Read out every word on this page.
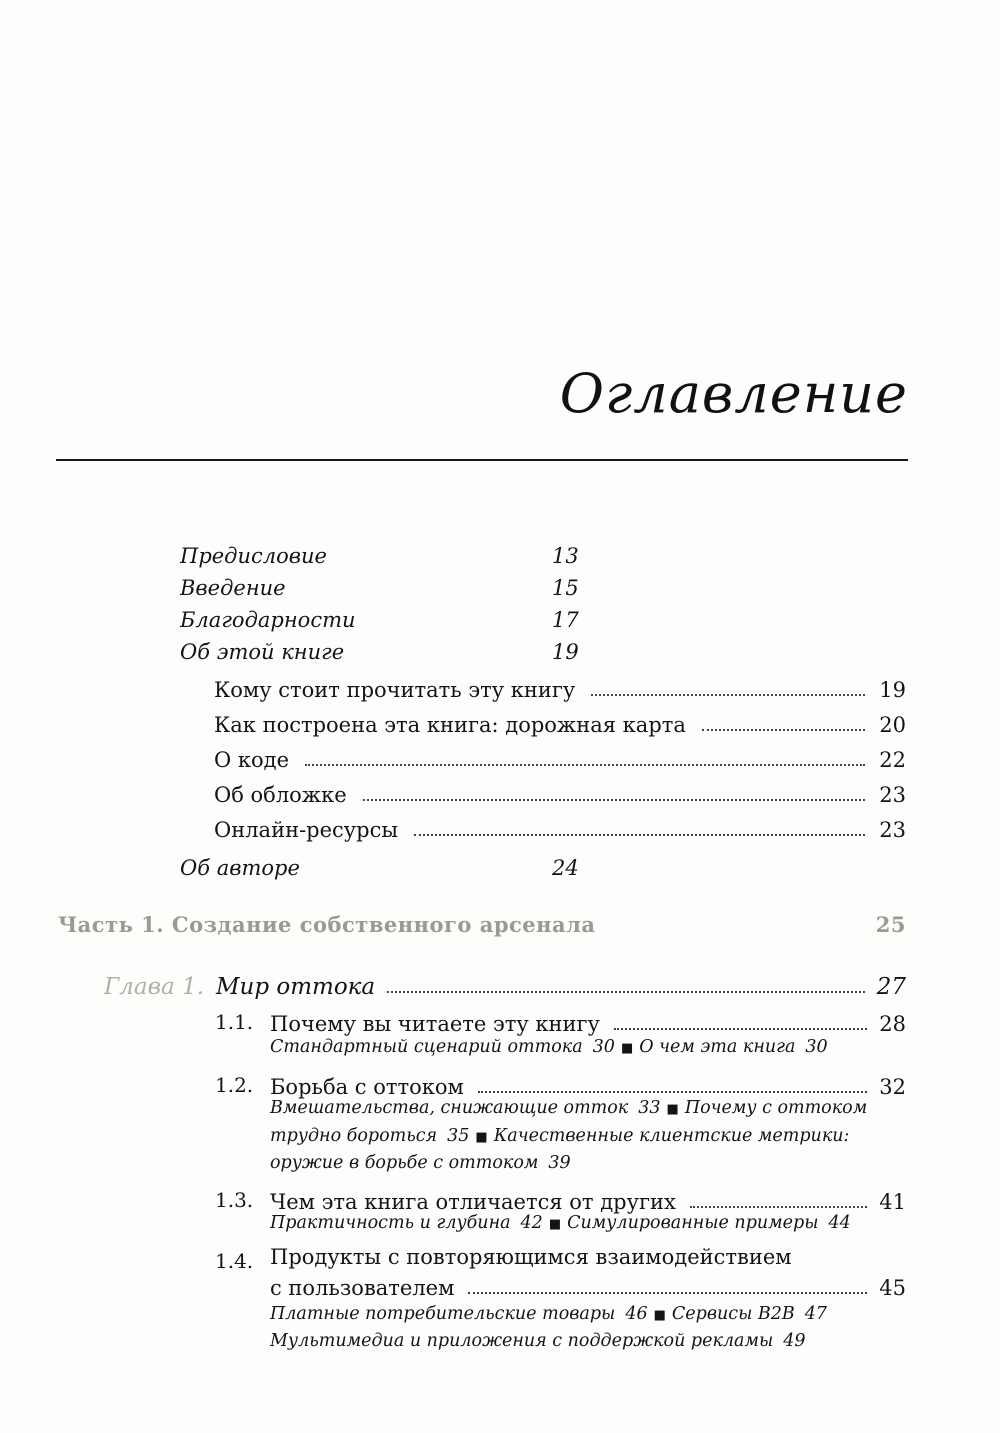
Оглавление
Предисловие	13
Введение	15
Благодарности	17
Об этой книге	19
Кому стоит прочитать эту книгу	19
Как построена эта книга: дорожная карта	20
О коде	22
Об обложке	23
Онлайн-ресурсы	23
Об авторе	24
Часть 1. Создание собственного арсенала	25
Глава 1. Мир оттока	27
1.1. Почему вы читаете эту книгу	28
Стандартный сценарий оттока 30 ■ О чем эта книга 30
1.2. Борьба с оттоком	32
Вмешательства, снижающие отток 33 ■ Почему с оттоком
трудно бороться 35 ■ Качественные клиентские метрики:
оружие в борьбе с оттоком 39
1.3. Чем эта книга отличается от других	41
Практичность и глубина 42 ■ Симулированные примеры 44
1.4. Продукты с повторяющимся взаимодействием
с пользователем	45
Платные потребительские товары 46 ■ Сервисы B2B 47
Мультимедиа и приложения с поддержкой рекламы 49
